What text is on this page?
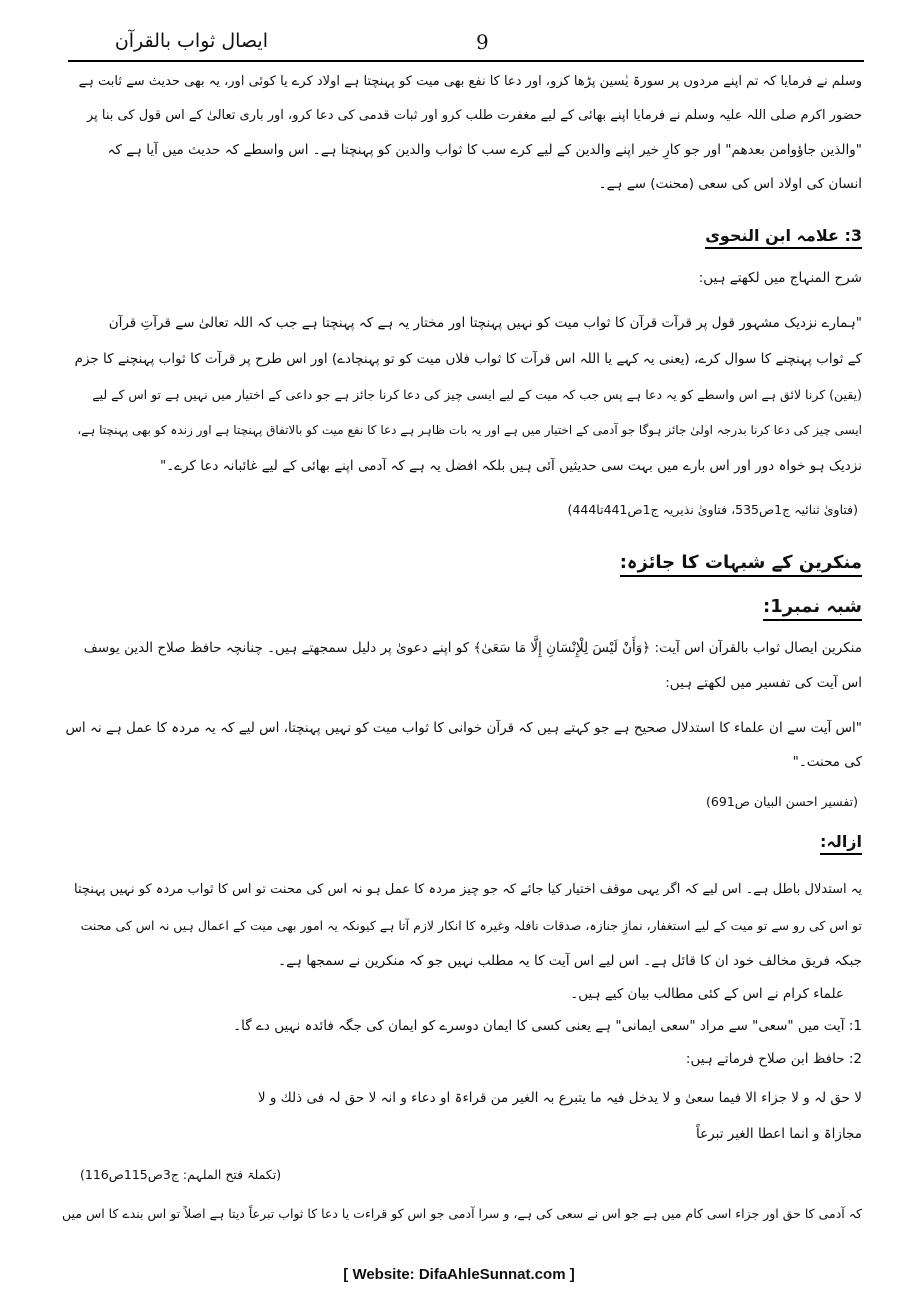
ایصال ثواب بالقرآن	9
وسلم نے فرمایا کہ تم اپنے مردوں پر سورۃ یٰسین پڑھا کرو، اور دعا کا نفع بھی میت کو پہنچتا ہے اولاد کرے یا کوئی اور، یہ بھی حدیث سے ثابت ہے
حضور اکرم صلی اللہ علیہ وسلم نے فرمایا اپنے بھائی کے لیے مغفرت طلب کرو اور ثبات قدمی کی دعا کرو، اور باری تعالیٰ کے اس قول کی بنا پر
"والذین جاؤوامن بعدھم" اور جو کارِ خیر اپنے والدین کے لیے کرے سب کا ثواب والدین کو پہنچتا ہے۔ اس واسطے کہ حدیث میں آیا ہے کہ
انسان کی اولاد اس کی سعی (محنت) سے ہے۔
3: علامہ ابن النحوی
شرح المنہاج میں لکھتے ہیں:
"ہمارے نزدیک مشہور قول پر قرآت قرآن کا ثواب میت کو نہیں پہنچتا اور مختار یہ ہے کہ پہنچتا ہے جب کہ اللہ تعالیٰ سے قرآتِ قرآن
کے ثواب پہنچنے کا سوال کرے، (یعنی یہ کہے یا اللہ اس قرآت کا ثواب فلاں میت کو تو پہنچادے) اور اس طرح پر قرآت کا ثواب پہنچنے کا جزم
(یقین) کرنا لائق ہے اس واسطے کو یہ دعا ہے پس جب کہ میت کے لیے ایسی چیز کی دعا کرنا جائز ہے جو داعی کے اختیار میں نہیں ہے تو اس کے لیے
ایسی چیز کی دعا کرنا بدرجہ اولیٰ جائز ہوگا جو آدمی کے اختیار میں ہے اور یہ بات ظاہر ہے دعا کا نفع میت کو بالاتفاق پہنچتا ہے اور زندہ کو بھی پہنچتا ہے،
نزدیک ہو خواہ دور اور اس بارے میں بہت سی حدیثیں آئی ہیں بلکہ افضل یہ ہے کہ آدمی اپنے بھائی کے لیے غائبانہ دعا کرے۔"
(فتاویٰ ثنائیہ ج1ص535، فتاویٰ نذیریہ ج1ص441تا444)
منکرین کے شبہات کا جائزہ:
شبہ نمبر1:
منکرین ایصال ثواب بالقرآن اس آیت: ﴿وَأَنْ لَيْسَ لِلْإِنْسَانِ إِلَّا مَا سَعَىٰ﴾ کو اپنے دعویٰ پر دلیل سمجھتے ہیں۔ چنانچہ حافظ صلاح الدین یوسف
اس آیت کی تفسیر میں لکھتے ہیں:
"اس آیت سے ان علماء کا استدلال صحیح ہے جو کہتے ہیں کہ قرآن خوانی کا ثواب میت کو نہیں پہنچتا، اس لیے کہ یہ مردہ کا عمل ہے نہ اس
کی محنت۔"
(تفسیر احسن البیان ص691)
ازالہ:
یہ استدلال باطل ہے۔ اس لیے کہ اگر یہی موقف اختیار کیا جائے کہ جو چیز مردہ کا عمل ہو نہ اس کی محنت تو اس کا ثواب مردہ کو نہیں پہنچتا
تو اس کی رو سے تو میت کے لیے استغفار، نمازِ جنازہ، صدقات نافلہ وغیرہ کا انکار لازم آتا ہے کیونکہ یہ امور بھی میت کے اعمال ہیں نہ اس کی محنت
جبکہ فریق مخالف خود ان کا قائل ہے۔ اس لیے اس آیت کا یہ مطلب نہیں جو کہ منکرین نے سمجھا ہے۔
علماء کرام نے اس کے کئی مطالب بیان کیے ہیں۔
1: آیت میں "سعی" سے مراد "سعی ایمانی" ہے یعنی کسی کا ایمان دوسرے کو ایمان کی جگہ فائدہ نہیں دے گا۔
2: حافظ ابن صلاح فرماتے ہیں:
لا حق لہ و لا جزاء الا فیما سعیٰ و لا یدخل فیہ ما یتبرع بہ الغیر من قراءۃ او دعاء و انہ لا حق لہ فی ذلك و لا
مجازاۃ و انما اعطا الغیر تبرعاً
(تکملۃ فتح الملہم: ج3ص115ص116)
کہ آدمی کا حق اور جزاء اسی کام میں ہے جو اس نے سعی کی ہے، و سرا آدمی جو اس کو قراءت یا دعا کا ثواب تبرعاً دیتا ہے اصلاً تو اس بندے کا اس میں
[ Website: DifaAhleSunnat.com ]
